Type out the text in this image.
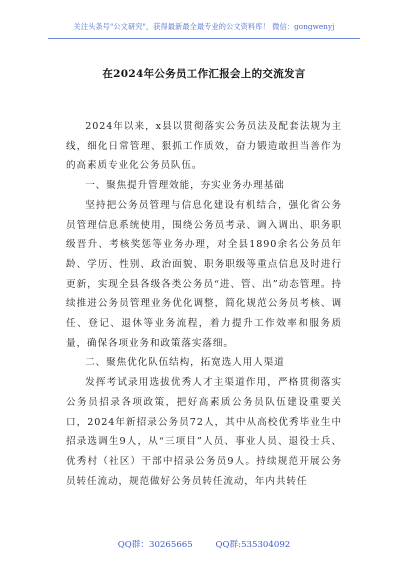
关注头条号"公文研究"，获得最新最全最专业的公文资料库！ 微信：gongwenyj
在2024年公务员工作汇报会上的交流发言

2024年以来，x县以贯彻落实公务员法及配套法规为主线，细化日常管理、狠抓工作质效，奋力锻造敢担当善作为的高素质专业化公务员队伍。

一、聚焦提升管理效能，夯实业务办理基础

坚持把公务员管理与信息化建设有机结合，强化省公务员管理信息系统使用，围绕公务员考录、调入调出、职务职级晋升、考核奖惩等业务办理，对全县1890余名公务员年龄、学历、性别、政治面貌、职务职级等重点信息及时进行更新，实现全县各级各类公务员“进、管、出”动态管理。持续推进公务员管理业务优化调整，简化规范公务员考核、调任、登记、退休等业务流程，着力提升工作效率和服务质量，确保各项业务和政策落实落细。

二、聚焦优化队伍结构，拓宽选人用人渠道

发挥考试录用选拔优秀人才主渠道作用，严格贯彻落实公务员招录各项政策，把好高素质公务员队伍建设重要关口，2024年新招录公务员72人，其中从高校优秀毕业生中招录选调生9人，从“三项目”人员、事业人员、退役士兵、优秀村（社区）干部中招录公务员9人。持续规范开展公务员转任流动，规范做好公务员转任流动，年内共转任

QQ群：30265665	QQ群:535304092
